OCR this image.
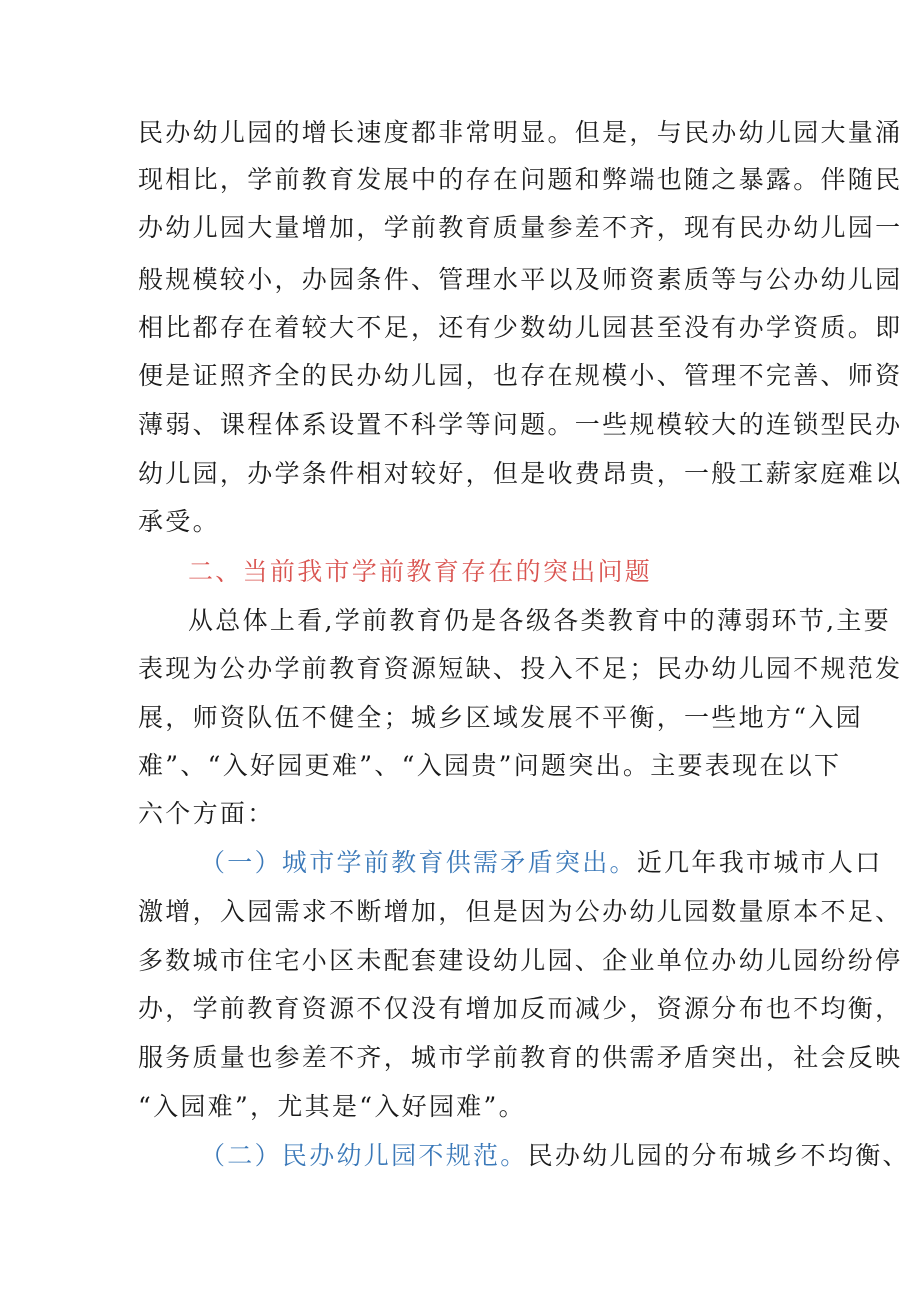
民办幼儿园的增长速度都非常明显。但是，与民办幼儿园大量涌
现相比，学前教育发展中的存在问题和弊端也随之暴露。伴随民
办幼儿园大量增加，学前教育质量参差不齐，现有民办幼儿园一
般规模较小，办园条件、管理水平以及师资素质等与公办幼儿园
相比都存在着较大不足，还有少数幼儿园甚至没有办学资质。即
便是证照齐全的民办幼儿园，也存在规模小、管理不完善、师资
薄弱、课程体系设置不科学等问题。一些规模较大的连锁型民办
幼儿园，办学条件相对较好，但是收费昂贵，一般工薪家庭难以
承受。
二、当前我市学前教育存在的突出问题
从总体上看,学前教育仍是各级各类教育中的薄弱环节,主要
表现为公办学前教育资源短缺、投入不足；民办幼儿园不规范发
展，师资队伍不健全；城乡区域发展不平衡，一些地方“入园
难”、“入好园更难”、“入园贵”问题突出。主要表现在以下
六个方面：
（一）城市学前教育供需矛盾突出。近几年我市城市人口
激增，入园需求不断增加，但是因为公办幼儿园数量原本不足、
多数城市住宅小区未配套建设幼儿园、企业单位办幼儿园纷纷停
办，学前教育资源不仅没有增加反而减少，资源分布也不均衡，
服务质量也参差不齐，城市学前教育的供需矛盾突出，社会反映
“入园难”，尤其是“入好园难”。
（二）民办幼儿园不规范。民办幼儿园的分布城乡不均衡、
